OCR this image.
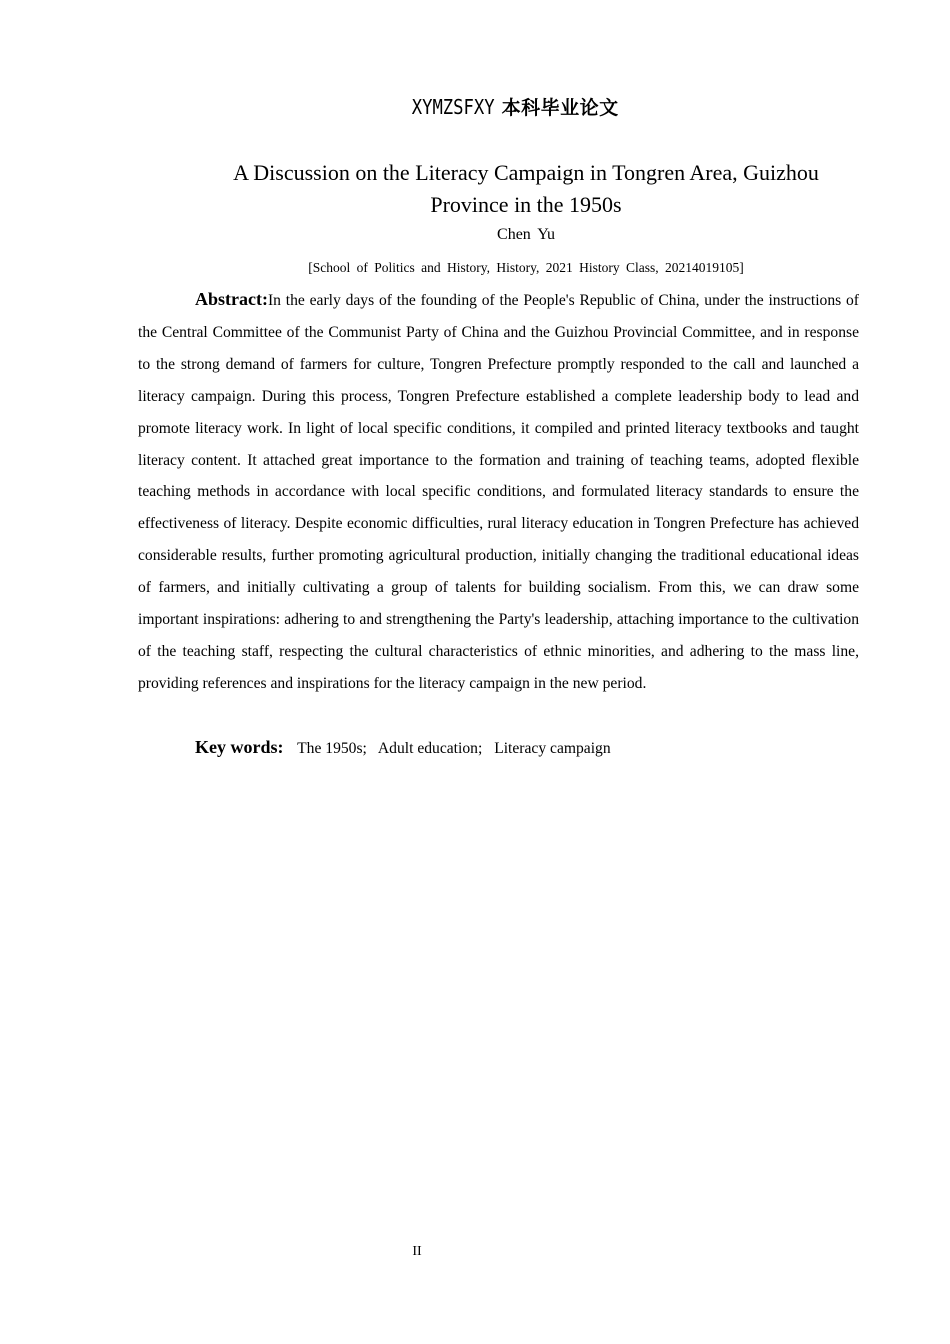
XYMZSFXY 本科毕业论文
A Discussion on the Literacy Campaign in Tongren Area, Guizhou
Province in the 1950s
Chen Yu
[School of Politics and History, History, 2021 History Class, 20214019105]

Abstract:In the early days of the founding of the People's Republic of China, under the instructions of the Central Committee of the Communist Party of China and the Guizhou Provincial Committee, and in response to the strong demand of farmers for culture, Tongren Prefecture promptly responded to the call and launched a literacy campaign. During this process, Tongren Prefecture established a complete leadership body to lead and promote literacy work. In light of local specific conditions, it compiled and printed literacy textbooks and taught literacy content. It attached great importance to the formation and training of teaching teams, adopted flexible teaching methods in accordance with local specific conditions, and formulated literacy standards to ensure the effectiveness of literacy. Despite economic difficulties, rural literacy education in Tongren Prefecture has achieved considerable results, further promoting agricultural production, initially changing the traditional educational ideas of farmers, and initially cultivating a group of talents for building socialism. From this, we can draw some important inspirations: adhering to and strengthening the Party's leadership, attaching importance to the cultivation of the teaching staff, respecting the cultural characteristics of ethnic minorities, and adhering to the mass line, providing references and inspirations for the literacy campaign in the new period.

Key words: The 1950s; Adult education; Literacy campaign
II
